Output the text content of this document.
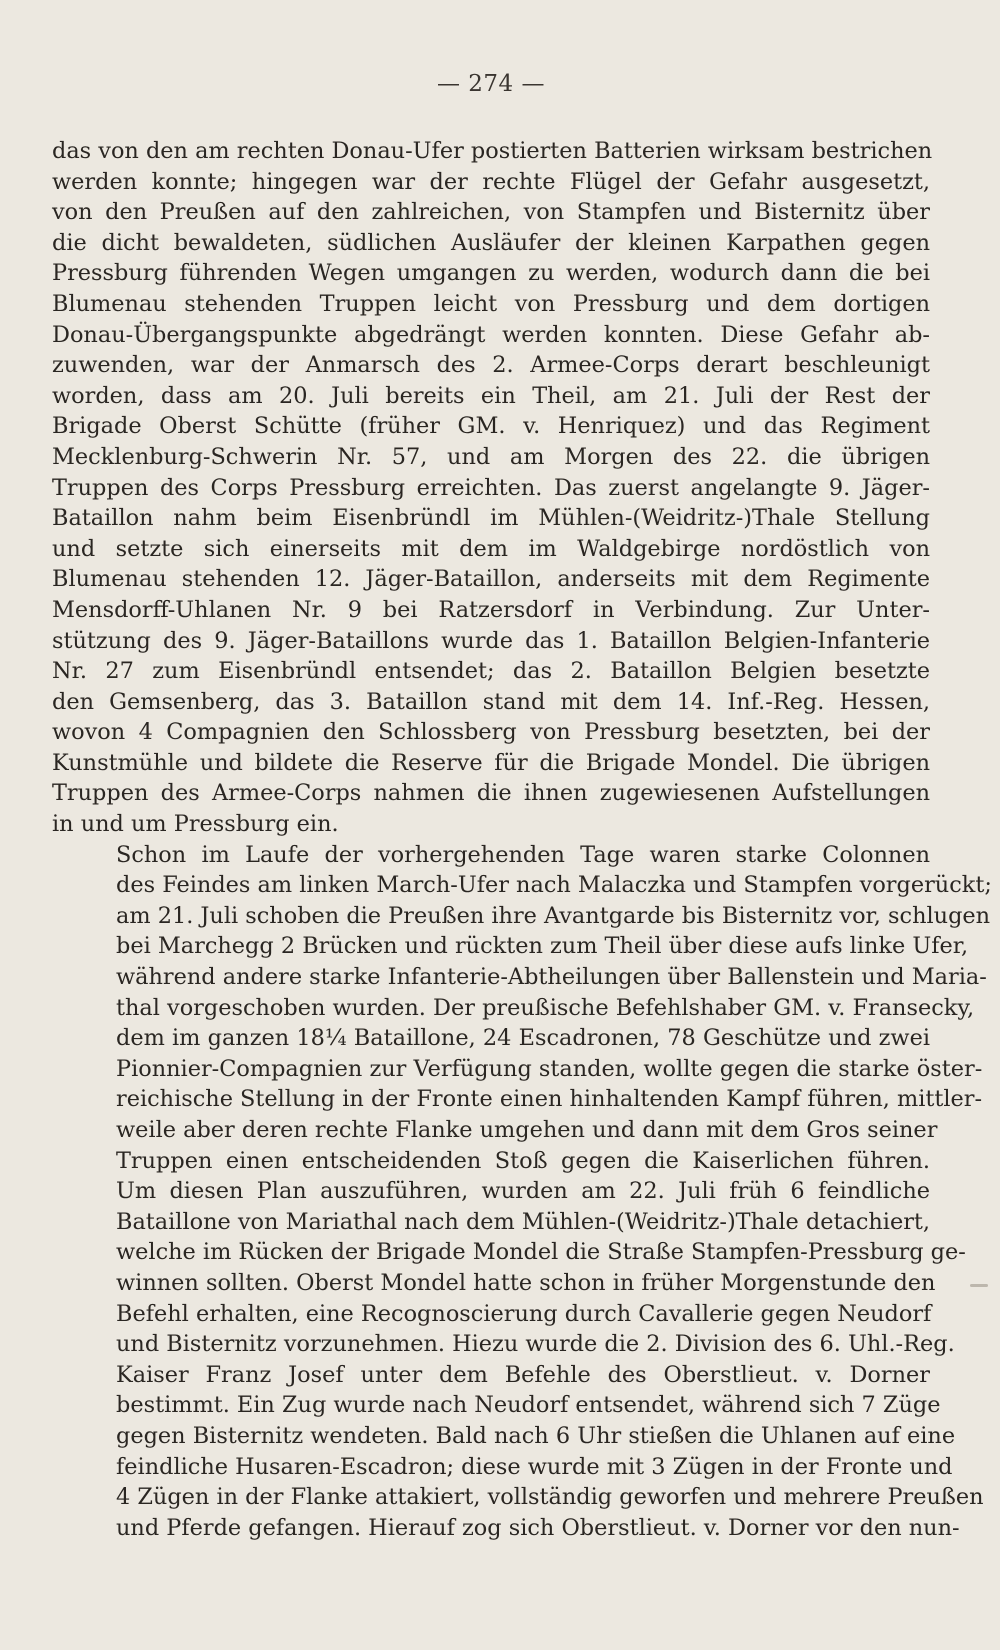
— 274 —

das von den am rechten Donau-Ufer postierten Batterien wirksam bestrichen
werden konnte; hingegen war der rechte Flügel der Gefahr ausgesetzt,
von den Preußen auf den zahlreichen, von Stampfen und Bisternitz über
die dicht bewaldeten, südlichen Ausläufer der kleinen Karpathen gegen
Pressburg führenden Wegen umgangen zu werden, wodurch dann die bei
Blumenau stehenden Truppen leicht von Pressburg und dem dortigen
Donau-Übergangspunkte abgedrängt werden konnten. Diese Gefahr ab-
zuwenden, war der Anmarsch des 2. Armee-Corps derart beschleunigt
worden, dass am 20. Juli bereits ein Theil, am 21. Juli der Rest der
Brigade Oberst Schütte (früher GM. v. Henriquez) und das Regiment
Mecklenburg-Schwerin Nr. 57, und am Morgen des 22. die übrigen
Truppen des Corps Pressburg erreichten. Das zuerst angelangte 9. Jäger-
Bataillon nahm beim Eisenbründl im Mühlen-(Weidritz-)Thale Stellung
und setzte sich einerseits mit dem im Waldgebirge nordöstlich von
Blumenau stehenden 12. Jäger-Bataillon, anderseits mit dem Regimente
Mensdorff-Uhlanen Nr. 9 bei Ratzersdorf in Verbindung. Zur Unter-
stützung des 9. Jäger-Bataillons wurde das 1. Bataillon Belgien-Infanterie
Nr. 27 zum Eisenbründl entsendet; das 2. Bataillon Belgien besetzte
den Gemsenberg, das 3. Bataillon stand mit dem 14. Inf.-Reg. Hessen,
wovon 4 Compagnien den Schlossberg von Pressburg besetzten, bei der
Kunstmühle und bildete die Reserve für die Brigade Mondel. Die übrigen
Truppen des Armee-Corps nahmen die ihnen zugewiesenen Aufstellungen
in und um Pressburg ein.

Schon im Laufe der vorhergehenden Tage waren starke Colonnen
des Feindes am linken March-Ufer nach Malaczka und Stampfen vorgerückt;
am 21. Juli schoben die Preußen ihre Avantgarde bis Bisternitz vor, schlugen
bei Marchegg 2 Brücken und rückten zum Theil über diese aufs linke Ufer,
während andere starke Infanterie-Abtheilungen über Ballenstein und Maria-
thal vorgeschoben wurden. Der preußische Befehlshaber GM. v. Fransecky,
dem im ganzen 18¼ Bataillone, 24 Escadronen, 78 Geschütze und zwei
Pionnier-Compagnien zur Verfügung standen, wollte gegen die starke öster-
reichische Stellung in der Fronte einen hinhaltenden Kampf führen, mittler-
weile aber deren rechte Flanke umgehen und dann mit dem Gros seiner
Truppen einen entscheidenden Stoß gegen die Kaiserlichen führen.
Um diesen Plan auszuführen, wurden am 22. Juli früh 6 feindliche
Bataillone von Mariathal nach dem Mühlen-(Weidritz-)Thale detachiert,
welche im Rücken der Brigade Mondel die Straße Stampfen-Pressburg ge-
winnen sollten. Oberst Mondel hatte schon in früher Morgenstunde den
Befehl erhalten, eine Recognoscierung durch Cavallerie gegen Neudorf
und Bisternitz vorzunehmen. Hiezu wurde die 2. Division des 6. Uhl.-Reg.
Kaiser Franz Josef unter dem Befehle des Oberstlieut. v. Dorner
bestimmt. Ein Zug wurde nach Neudorf entsendet, während sich 7 Züge
gegen Bisternitz wendeten. Bald nach 6 Uhr stießen die Uhlanen auf eine
feindliche Husaren-Escadron; diese wurde mit 3 Zügen in der Fronte und
4 Zügen in der Flanke attakiert, vollständig geworfen und mehrere Preußen
und Pferde gefangen. Hierauf zog sich Oberstlieut. v. Dorner vor den nun-
